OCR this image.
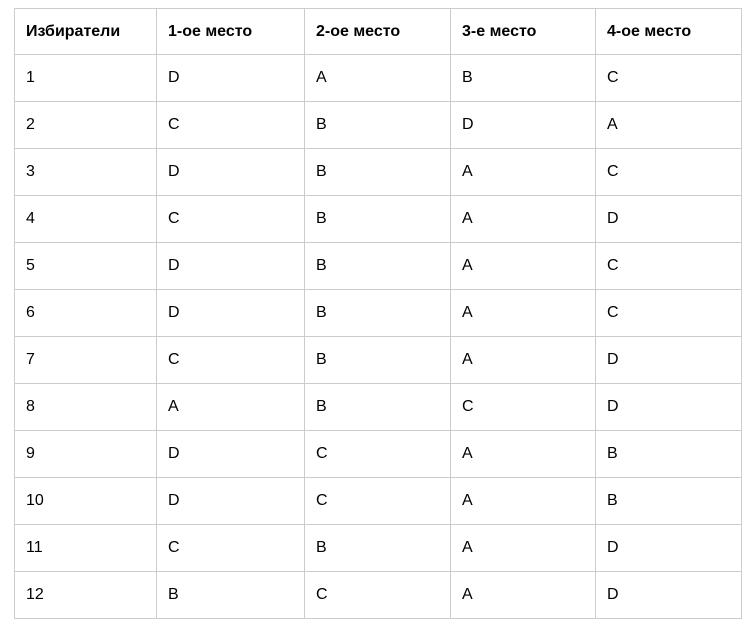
Избиратели	1-ое место	2-ое место	3-е место	4-ое место
1	D	A	B	C
2	C	B	D	A
3	D	B	A	C
4	C	B	A	D
5	D	B	A	C
6	D	B	A	C
7	C	B	A	D
8	A	B	C	D
9	D	C	A	B
10	D	C	A	B
11	C	B	A	D
12	B	C	A	D
